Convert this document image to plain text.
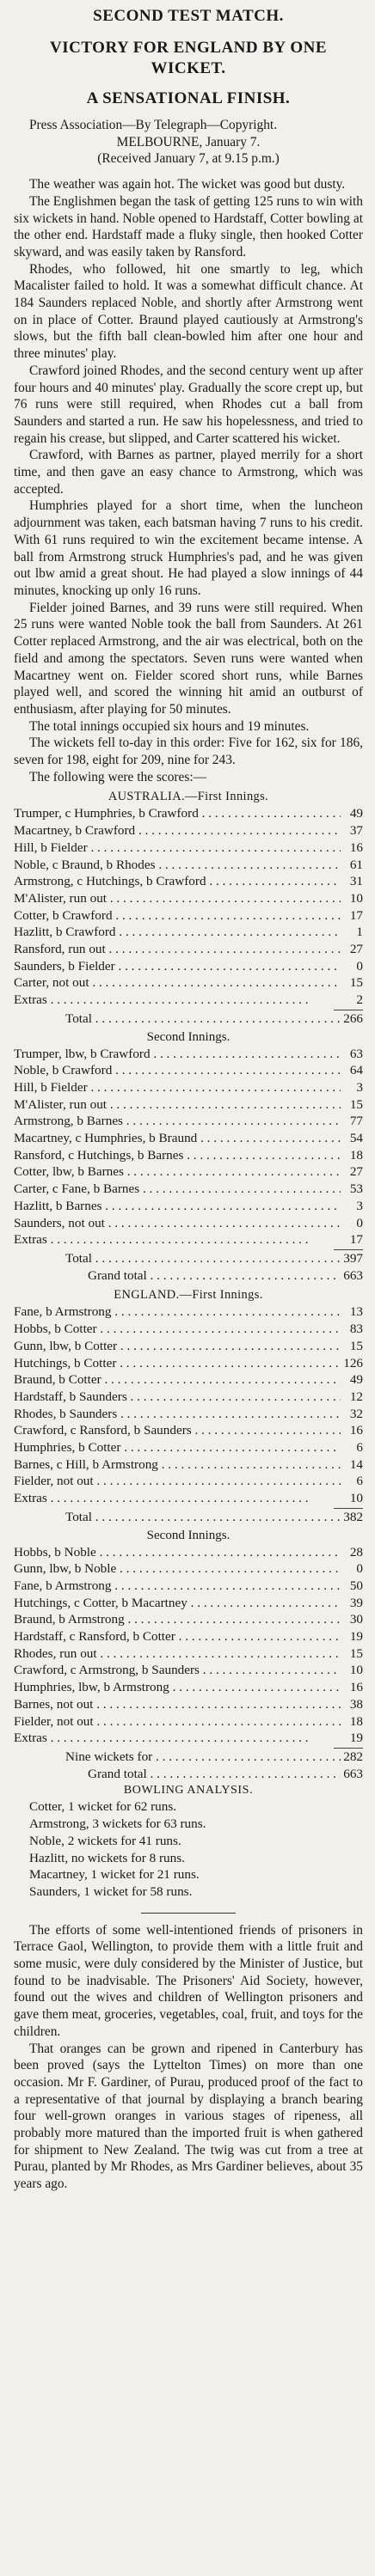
SECOND TEST MATCH.
VICTORY FOR ENGLAND BY ONE WICKET.
A SENSATIONAL FINISH.

Press Association—By Telegraph—Copyright.

MELBOURNE, January 7.

(Received January 7, at 9.15 p.m.)

The weather was again hot. The wicket was good but dusty.

The Englishmen began the task of getting 125 runs to win with six wickets in hand. Noble opened to Hardstaff, Cotter bowling at the other end. Hardstaff made a fluky single, then hooked Cotter skyward, and was easily taken by Ransford.

Rhodes, who followed, hit one smartly to leg, which Macalister failed to hold. It was a somewhat difficult chance. At 184 Saunders replaced Noble, and shortly after Armstrong went on in place of Cotter. Braund played cautiously at Armstrong's slows, but the fifth ball clean-bowled him after one hour and three minutes' play.

Crawford joined Rhodes, and the second century went up after four hours and 40 minutes' play. Gradually the score crept up, but 76 runs were still required, when Rhodes cut a ball from Saunders and started a run. He saw his hopelessness, and tried to regain his crease, but slipped, and Carter scattered his wicket.

Crawford, with Barnes as partner, played merrily for a short time, and then gave an easy chance to Armstrong, which was accepted.

Humphries played for a short time, when the luncheon adjournment was taken, each batsman having 7 runs to his credit. With 61 runs required to win the excitement became intense. A ball from Armstrong struck Humphries's pad, and he was given out lbw amid a great shout. He had played a slow innings of 44 minutes, knocking up only 16 runs.

Fielder joined Barnes, and 39 runs were still required. When 25 runs were wanted Noble took the ball from Saunders. At 261 Cotter replaced Armstrong, and the air was electrical, both on the field and among the spectators. Seven runs were wanted when Macartney went on. Fielder scored short runs, while Barnes played well, and scored the winning hit amid an outburst of enthusiasm, after playing for 50 minutes.

The total innings occupied six hours and 19 minutes.

The wickets fell to-day in this order: Five for 162, six for 186, seven for 198, eight for 209, nine for 243.

The following were the scores:—

AUSTRALIA.—First Innings.
Trumper, c Humphries, b Crawford . . .	49
Macartney, b Crawford . . .	37
Hill, b Fielder . . .	16
Noble, c Braund, b Rhodes . . .	61
Armstrong, c Hutchings, b Crawford . . .	31
M'Alister, run out . . .	10
Cotter, b Crawford . . .	17
Hazlitt, b Crawford . . .	1
Ransford, run out . . .	27
Saunders, b Fielder . . .	0
Carter, not out . . .	15
Extras . . .	2
Total . . .	266
Second Innings.
Trumper, lbw, b Crawford . . .	63
Noble, b Crawford . . .	64
Hill, b Fielder . . .	3
M'Alister, run out . . .	15
Armstrong, b Barnes . . .	77
Macartney, c Humphries, b Braund . . .	54
Ransford, c Hutchings, b Barnes . . .	18
Cotter, lbw, b Barnes . . .	27
Carter, c Fane, b Barnes . . .	53
Hazlitt, b Barnes . . .	3
Saunders, not out . . .	0
Extras . . .	17
Total . . .	397
Grand total . . .	663
ENGLAND.—First Innings.
Fane, b Armstrong . . .	13
Hobbs, b Cotter . . .	83
Gunn, lbw, b Cotter . . .	15
Hutchings, b Cotter . . .	126
Braund, b Cotter . . .	49
Hardstaff, b Saunders . . .	12
Rhodes, b Saunders . . .	32
Crawford, c Ransford, b Saunders . . .	16
Humphries, b Cotter . . .	6
Barnes, c Hill, b Armstrong . . .	14
Fielder, not out . . .	6
Extras . . .	10
Total . . .	382
Second Innings.
Hobbs, b Noble . . .	28
Gunn, lbw, b Noble . . .	0
Fane, b Armstrong . . .	50
Hutchings, c Cotter, b Macartney . . .	39
Braund, b Armstrong . . .	30
Hardstaff, c Ransford, b Cotter . . .	19
Rhodes, run out . . .	15
Crawford, c Armstrong, b Saunders . . .	10
Humphries, lbw, b Armstrong . . .	16
Barnes, not out . . .	38
Fielder, not out . . .	18
Extras . . .	19
Nine wickets for . . .	282
Grand total . . .	663
BOWLING ANALYSIS.
Cotter, 1 wicket for 62 runs.
Armstrong, 3 wickets for 63 runs.
Noble, 2 wickets for 41 runs.
Hazlitt, no wickets for 8 runs.
Macartney, 1 wicket for 21 runs.
Saunders, 1 wicket for 58 runs.

The efforts of some well-intentioned friends of prisoners in Terrace Gaol, Wellington, to provide them with a little fruit and some music, were duly considered by the Minister of Justice, but found to be inadvisable. The Prisoners' Aid Society, however, found out the wives and children of Wellington prisoners and gave them meat, groceries, vegetables, coal, fruit, and toys for the children.

That oranges can be grown and ripened in Canterbury has been proved (says the Lyttelton Times) on more than one occasion. Mr F. Gardiner, of Purau, produced proof of the fact to a representative of that journal by displaying a branch bearing four well-grown oranges in various stages of ripeness, all probably more matured than the imported fruit is when gathered for shipment to New Zealand. The twig was cut from a tree at Purau, planted by Mr Rhodes, as Mrs Gardiner believes, about 35 years ago.
